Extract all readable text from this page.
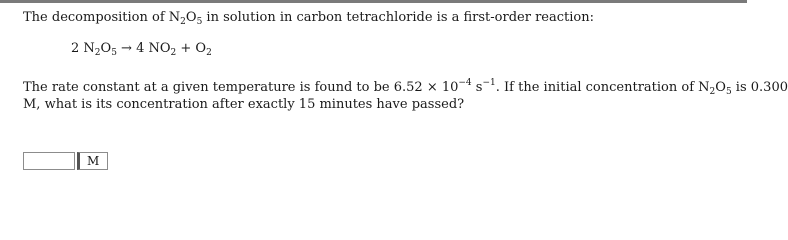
The decomposition of $N_2O_5$ in solution in carbon tetrachloride is a first-order reaction:
2 $N_2O_5 \to 4$ $NO_2 + O_2$
The rate constant at a given temperature is found to be $6.52 \times 10^{-4}$ $s^{-1}$. If the initial concentration of $N_2O_5$ is 0.300
M, what is its concentration after exactly 15 minutes have passed?
M
